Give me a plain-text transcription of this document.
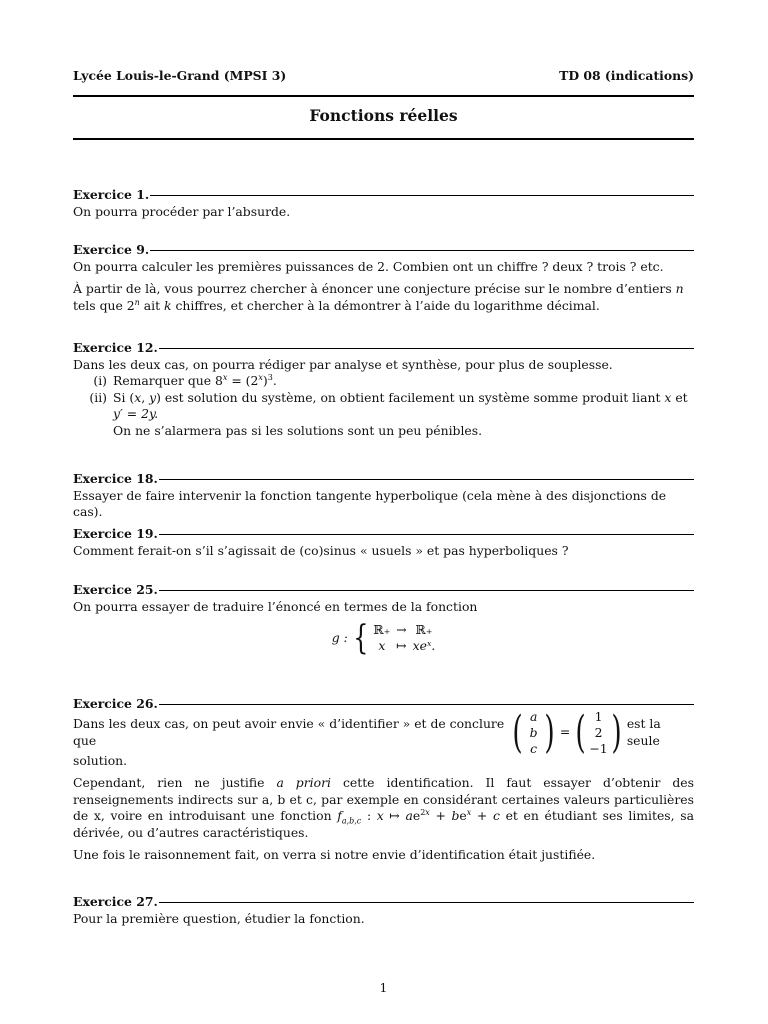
Lycée Louis-le-Grand (MPSI 3)	TD 08 (indications)
Fonctions réelles
Exercice 1.

On pourra procéder par l’absurde.

Exercice 9.

On pourra calculer les premières puissances de 2. Combien ont un chiffre ? deux ? trois ? etc.

À partir de là, vous pourrez chercher à énoncer une conjecture précise sur le nombre d’entiers n tels que 2$^n$ ait k chiffres, et chercher à la démontrer à l’aide du logarithme décimal.

Exercice 12.

Dans les deux cas, on pourra rédiger par analyse et synthèse, pour plus de souplesse.

(i) Remarquer que $8^x = (2^x)^3$.
(ii) Si (x, y) est solution du système, on obtient facilement un système somme produit liant x et
y′ = 2y.
On ne s’alarmera pas si les solutions sont un peu pénibles.
Exercice 18.

Essayer de faire intervenir la fonction tangente hyperbolique (cela mène à des disjonctions de cas).

Exercice 19.

Comment ferait-on s’il s’agissait de (co)sinus « usuels » et pas hyperboliques ?

Exercice 25.

On pourra essayer de traduire l’énoncé en termes de la fonction

g : { ℝ₊ → ℝ₊
x ↦ xeˣ.
Exercice 26.
Dans les deux cas, on peut avoir envie « d’identifier » et de conclure que	( a
b
c ) = ( 1
2
−1 ) est la seule

solution.

Cependant, rien ne justifie a priori cette identification. Il faut essayer d’obtenir des renseignements indirects sur a, b et c, par exemple en considérant certaines valeurs particulières de x, voire en introduisant une fonction $f_{a,b,c}$ : x ↦ $ae^{2x} + be^x + c$ et en étudiant ses limites, sa dérivée, ou d’autres caractéristiques.

Une fois le raisonnement fait, on verra si notre envie d’identification était justifiée.

Exercice 27.

Pour la première question, étudier la fonction.

1
